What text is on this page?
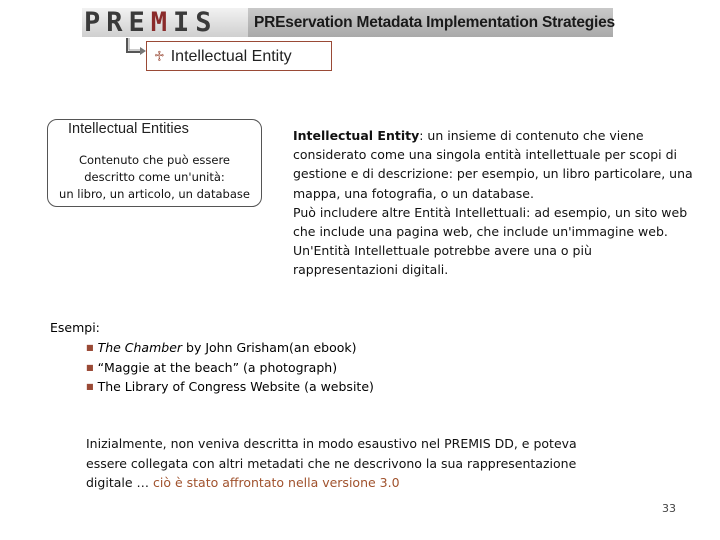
PREMIS	PREservation Metadata Implementation Strategies
♱ Intellectual Entity
Intellectual Entities
Contenuto che può essere
descritto come un'unità:
un libro, un articolo, un database

Intellectual Entity: un insieme di contenuto che viene considerato come una singola entità intellettuale per scopi di gestione e di descrizione: per esempio, un libro particolare, una mappa, una fotografia, o un database.

Può includere altre Entità Intellettuali: ad esempio, un sito web che include una pagina web, che include un'immagine web.

Un'Entità Intellettuale potrebbe avere una o più rappresentazioni digitali.

Esempi:
■ The Chamber by John Grisham(an ebook)
■ “Maggie at the beach” (a photograph)
■ The Library of Congress Website (a website)

Inizialmente, non veniva descritta in modo esaustivo nel PREMIS DD, e poteva

essere collegata con altri metadati che ne descrivono la sua rappresentazione

digitale … ciò è stato affrontato nella versione 3.0

33
